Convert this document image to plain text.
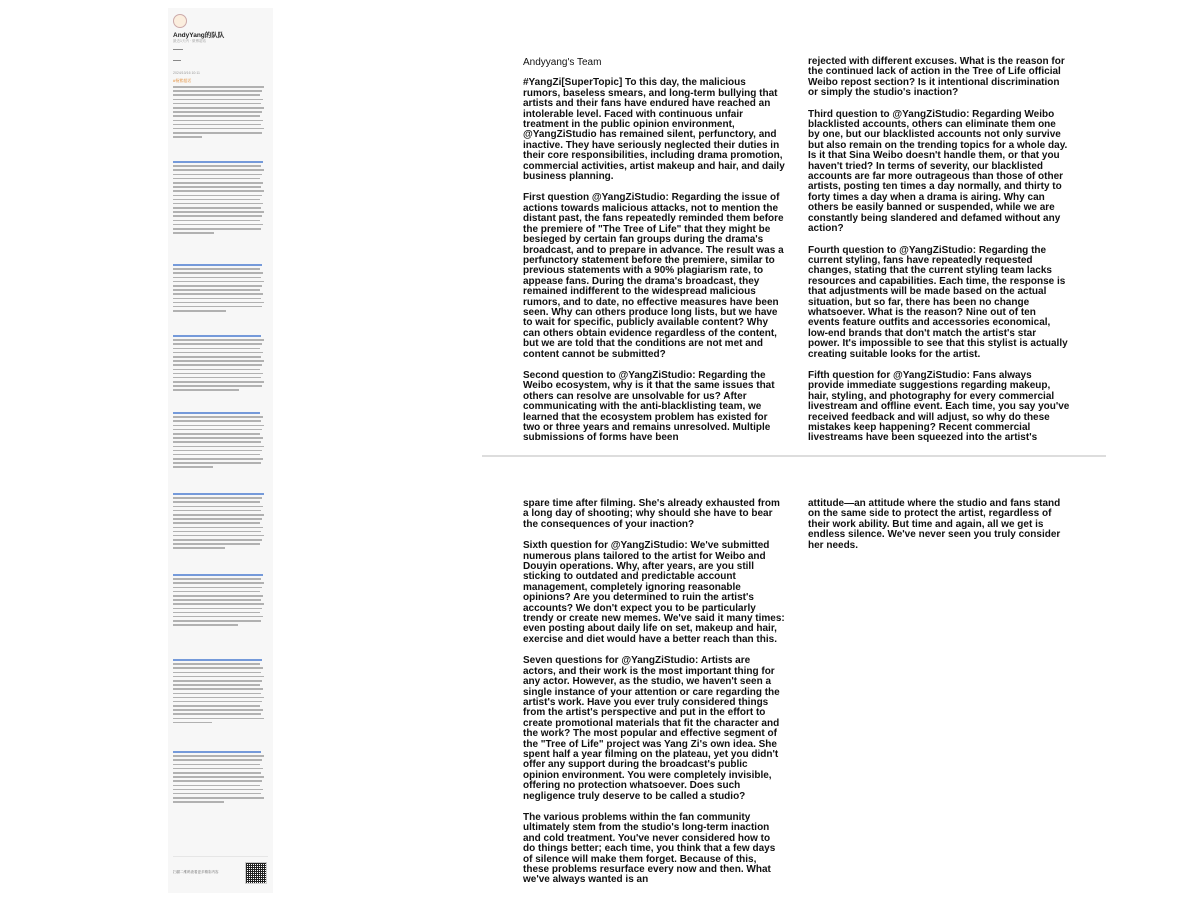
AndyYang的队队
最近1天内 · 微博超话
2024/10/16 10:11
#杨紫超话
扫描二维码查看更多精彩内容

Andyyang's Team

#YangZi[SuperTopic] To this day, the malicious rumors, baseless smears, and long-term bullying that artists and their fans have endured have reached an intolerable level. Faced with continuous unfair treatment in the public opinion environment, @YangZiStudio has remained silent, perfunctory, and inactive. They have seriously neglected their duties in their core responsibilities, including drama promotion, commercial activities, artist makeup and hair, and daily business planning.

First question @YangZiStudio: Regarding the issue of actions towards malicious attacks, not to mention the distant past, the fans repeatedly reminded them before the premiere of "The Tree of Life" that they might be besieged by certain fan groups during the drama's broadcast, and to prepare in advance. The result was a perfunctory statement before the premiere, similar to previous statements with a 90% plagiarism rate, to appease fans. During the drama's broadcast, they remained indifferent to the widespread malicious rumors, and to date, no effective measures have been seen. Why can others produce long lists, but we have to wait for specific, publicly available content? Why can others obtain evidence regardless of the content, but we are told that the conditions are not met and content cannot be submitted?

Second question to @YangZiStudio: Regarding the Weibo ecosystem, why is it that the same issues that others can resolve are unsolvable for us? After communicating with the anti-blacklisting team, we learned that the ecosystem problem has existed for two or three years and remains unresolved. Multiple submissions of forms have been

rejected with different excuses. What is the reason for the continued lack of action in the Tree of Life official Weibo repost section? Is it intentional discrimination or simply the studio's inaction?

Third question to @YangZiStudio: Regarding Weibo blacklisted accounts, others can eliminate them one by one, but our blacklisted accounts not only survive but also remain on the trending topics for a whole day. Is it that Sina Weibo doesn't handle them, or that you haven't tried? In terms of severity, our blacklisted accounts are far more outrageous than those of other artists, posting ten times a day normally, and thirty to forty times a day when a drama is airing. Why can others be easily banned or suspended, while we are constantly being slandered and defamed without any action?

Fourth question to @YangZiStudio: Regarding the current styling, fans have repeatedly requested changes, stating that the current styling team lacks resources and capabilities. Each time, the response is that adjustments will be made based on the actual situation, but so far, there has been no change whatsoever. What is the reason? Nine out of ten events feature outfits and accessories economical, low-end brands that don't match the artist's star power. It's impossible to see that this stylist is actually creating suitable looks for the artist.

Fifth question for @YangZiStudio: Fans always provide immediate suggestions regarding makeup, hair, styling, and photography for every commercial livestream and offline event. Each time, you say you've received feedback and will adjust, so why do these mistakes keep happening? Recent commercial livestreams have been squeezed into the artist's

spare time after filming. She's already exhausted from a long day of shooting; why should she have to bear the consequences of your inaction?

Sixth question for @YangZiStudio: We've submitted numerous plans tailored to the artist for Weibo and Douyin operations. Why, after years, are you still sticking to outdated and predictable account management, completely ignoring reasonable opinions? Are you determined to ruin the artist's accounts? We don't expect you to be particularly trendy or create new memes. We've said it many times: even posting about daily life on set, makeup and hair, exercise and diet would have a better reach than this.

Seven questions for @YangZiStudio: Artists are actors, and their work is the most important thing for any actor. However, as the studio, we haven't seen a single instance of your attention or care regarding the artist's work. Have you ever truly considered things from the artist's perspective and put in the effort to create promotional materials that fit the character and the work? The most popular and effective segment of the "Tree of Life" project was Yang Zi's own idea. She spent half a year filming on the plateau, yet you didn't offer any support during the broadcast's public opinion environment. You were completely invisible, offering no protection whatsoever. Does such negligence truly deserve to be called a studio?

The various problems within the fan community ultimately stem from the studio's long-term inaction and cold treatment. You've never considered how to do things better; each time, you think that a few days of silence will make them forget. Because of this, these problems resurface every now and then. What we've always wanted is an

attitude—an attitude where the studio and fans stand on the same side to protect the artist, regardless of their work ability. But time and again, all we get is endless silence. We've never seen you truly consider her needs.
